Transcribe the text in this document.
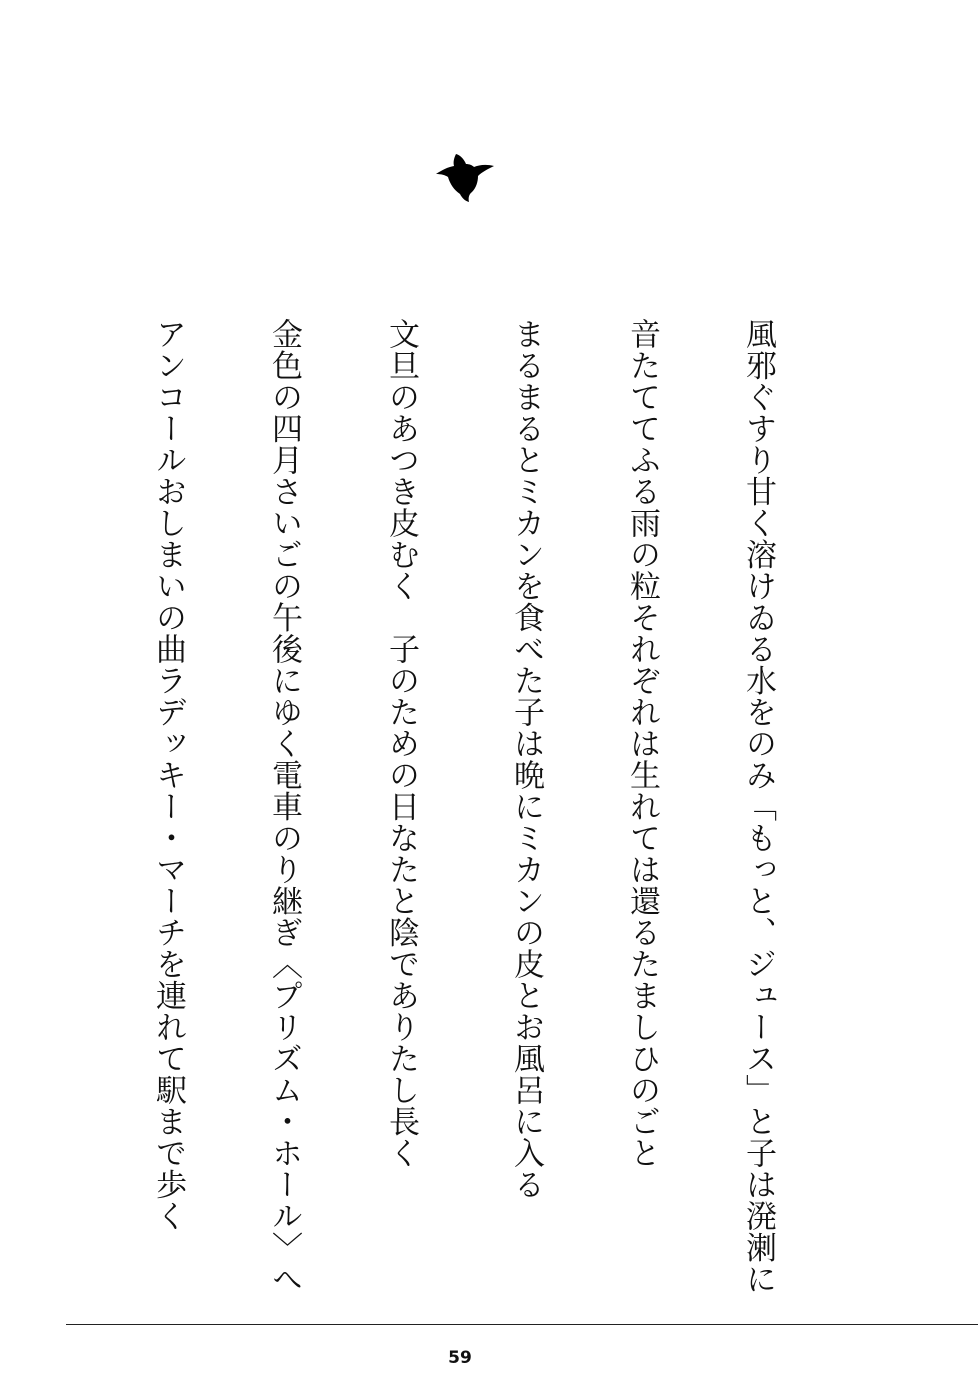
風邪ぐすり甘く溶けゐる水をのみ「もっと、ジュース」と子は溌溂に
音たててふる雨の粒それぞれは生れては還るたましひのごと
まるまるとミカンを食べた子は晩にミカンの皮とお風呂に入る
文旦のあつき皮むく　子のための日なたと陰でありたし長く
金色の四月さいごの午後にゆく電車のり継ぎ〈プリズム・ホール〉へ
アンコールおしまいの曲ラデッキー・マーチを連れて駅まで歩く
59
